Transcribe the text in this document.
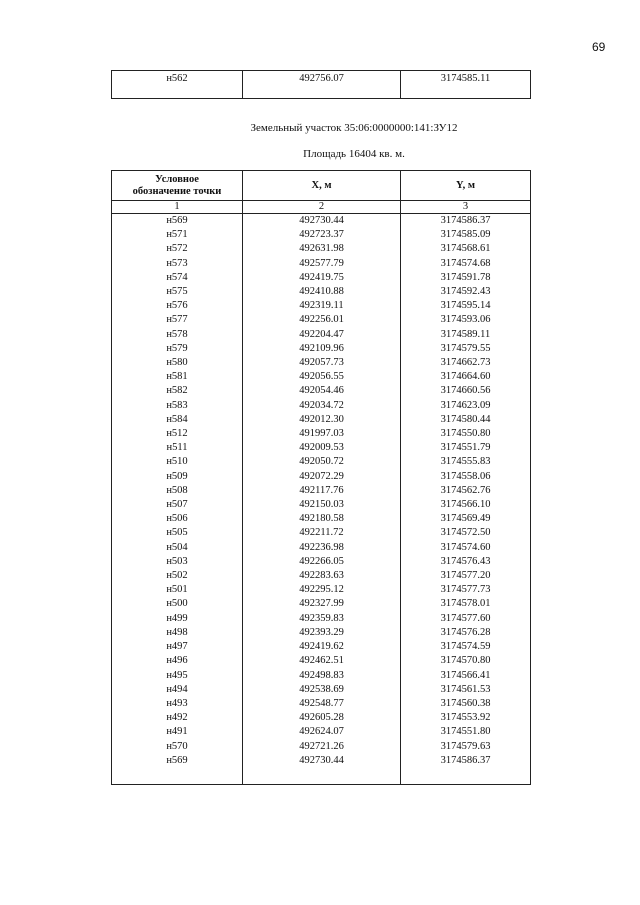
69
н562	492756.07	3174585.11
Земельный участок 35:06:0000000:141:ЗУ12
Площадь 16404 кв. м.
Условное
обозначение точки	X, м	Y, м
1	2	3
н569	492730.44	3174586.37
н571	492723.37	3174585.09
н572	492631.98	3174568.61
н573	492577.79	3174574.68
н574	492419.75	3174591.78
н575	492410.88	3174592.43
н576	492319.11	3174595.14
н577	492256.01	3174593.06
н578	492204.47	3174589.11
н579	492109.96	3174579.55
н580	492057.73	3174662.73
н581	492056.55	3174664.60
н582	492054.46	3174660.56
н583	492034.72	3174623.09
н584	492012.30	3174580.44
н512	491997.03	3174550.80
н511	492009.53	3174551.79
н510	492050.72	3174555.83
н509	492072.29	3174558.06
н508	492117.76	3174562.76
н507	492150.03	3174566.10
н506	492180.58	3174569.49
н505	492211.72	3174572.50
н504	492236.98	3174574.60
н503	492266.05	3174576.43
н502	492283.63	3174577.20
н501	492295.12	3174577.73
н500	492327.99	3174578.01
н499	492359.83	3174577.60
н498	492393.29	3174576.28
н497	492419.62	3174574.59
н496	492462.51	3174570.80
н495	492498.83	3174566.41
н494	492538.69	3174561.53
н493	492548.77	3174560.38
н492	492605.28	3174553.92
н491	492624.07	3174551.80
н570	492721.26	3174579.63
н569	492730.44	3174586.37
